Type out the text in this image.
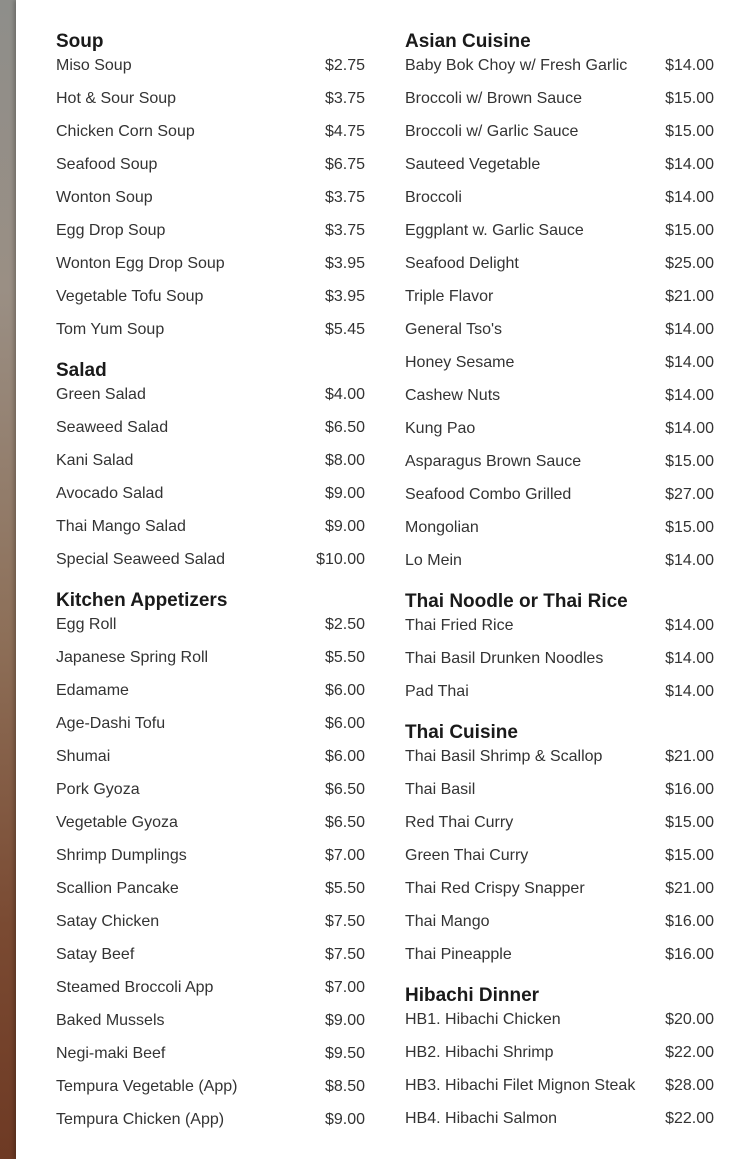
Soup
Miso Soup	$2.75
Hot & Sour Soup	$3.75
Chicken Corn Soup	$4.75
Seafood Soup	$6.75
Wonton Soup	$3.75
Egg Drop Soup	$3.75
Wonton Egg Drop Soup	$3.95
Vegetable Tofu Soup	$3.95
Tom Yum Soup	$5.45
Salad
Green Salad	$4.00
Seaweed Salad	$6.50
Kani Salad	$8.00
Avocado Salad	$9.00
Thai Mango Salad	$9.00
Special Seaweed Salad	$10.00
Kitchen Appetizers
Egg Roll	$2.50
Japanese Spring Roll	$5.50
Edamame	$6.00
Age-Dashi Tofu	$6.00
Shumai	$6.00
Pork Gyoza	$6.50
Vegetable Gyoza	$6.50
Shrimp Dumplings	$7.00
Scallion Pancake	$5.50
Satay Chicken	$7.50
Satay Beef	$7.50
Steamed Broccoli App	$7.00
Baked Mussels	$9.00
Negi-maki Beef	$9.50
Tempura Vegetable (App)	$8.50
Tempura Chicken (App)	$9.00
Asian Cuisine
Baby Bok Choy w/ Fresh Garlic $14.00
Broccoli w/ Brown Sauce	$15.00
Broccoli w/ Garlic Sauce	$15.00
Sauteed Vegetable	$14.00
Broccoli	$14.00
Eggplant w. Garlic Sauce	$15.00
Seafood Delight	$25.00
Triple Flavor	$21.00
General Tso's	$14.00
Honey Sesame	$14.00
Cashew Nuts	$14.00
Kung Pao	$14.00
Asparagus Brown Sauce	$15.00
Seafood Combo Grilled	$27.00
Mongolian	$15.00
Lo Mein	$14.00
Thai Noodle or Thai Rice
Thai Fried Rice	$14.00
Thai Basil Drunken Noodles	$14.00
Pad Thai	$14.00
Thai Cuisine
Thai Basil Shrimp & Scallop	$21.00
Thai Basil	$16.00
Red Thai Curry	$15.00
Green Thai Curry	$15.00
Thai Red Crispy Snapper	$21.00
Thai Mango	$16.00
Thai Pineapple	$16.00
Hibachi Dinner
HB1. Hibachi Chicken	$20.00
HB2. Hibachi Shrimp	$22.00
HB3. Hibachi Filet Mignon Steak $28.00
HB4. Hibachi Salmon	$22.00
